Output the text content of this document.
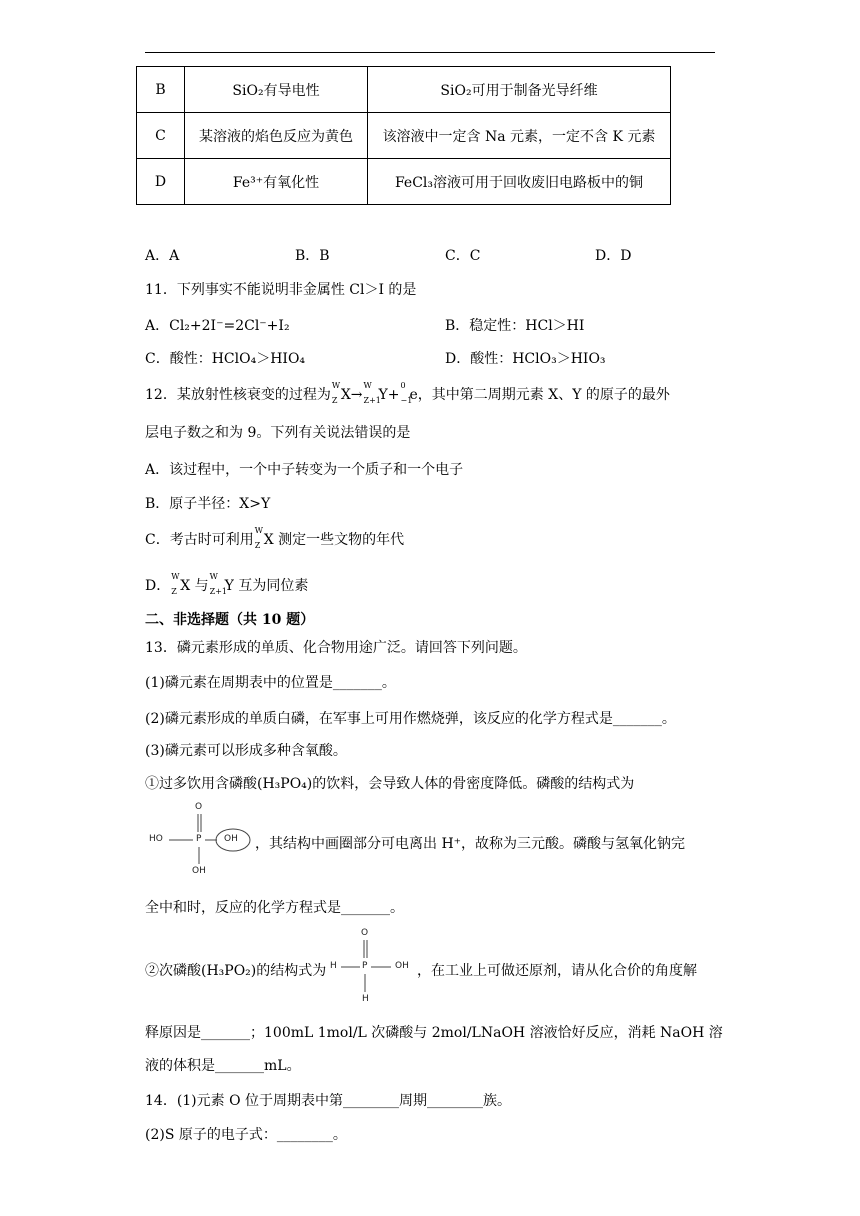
B	SiO₂有导电性	SiO₂可用于制备光导纤维
C	某溶液的焰色反应为黄色	该溶液中一定含 Na 元素，一定不含 K 元素
D	Fe³⁺有氧化性	FeCl₃溶液可用于回收废旧电路板中的铜
A．A	B．B	C．C	D．D
11．下列事实不能说明非金属性 Cl＞I 的是
A．Cl₂+2I⁻=2Cl⁻+I₂	B．稳定性：HCl＞HI
C．酸性：HClO₄＞HIO₄	D．酸性：HClO₃＞HIO₃
12．某放射性核衰变的过程为
W
Z X→
W
Z+1
Y+
0
−1
e，其中第二周期元素 X、Y 的原子的最外
层电子数之和为 9。下列有关说法错误的是
A．该过程中，一个中子转变为一个质子和一个电子
B．原子半径：X>Y
C．考古时可利用
W
Z X 测定一些文物的年代
D．
W
Z X 与
W
Z+1
Y 互为同位素
二、非选择题（共 10 题）
13．磷元素形成的单质、化合物用途广泛。请回答下列问题。
(1)磷元素在周期表中的位置是_______。
(2)磷元素形成的单质白磷，在军事上可用作燃烧弹，该反应的化学方程式是_______。
(3)磷元素可以形成多种含氧酸。
①过多饮用含磷酸(H₃PO₄)的饮料，会导致人体的骨密度降低。磷酸的结构式为
O
P
HO	OH
OH
，其结构中画圈部分可电离出 H⁺，故称为三元酸。磷酸与氢氧化钠完
全中和时，反应的化学方程式是_______。
②次磷酸(H₃PO₂)的结构式为
O
P
H	OH
H
，在工业上可做还原剂，请从化合价的角度解
释原因是_______；100mL 1mol/L 次磷酸与 2mol/LNaOH 溶液恰好反应，消耗 NaOH 溶
液的体积是_______mL。
14．(1)元素 O 位于周期表中第________周期________族。
(2)S 原子的电子式：________。
